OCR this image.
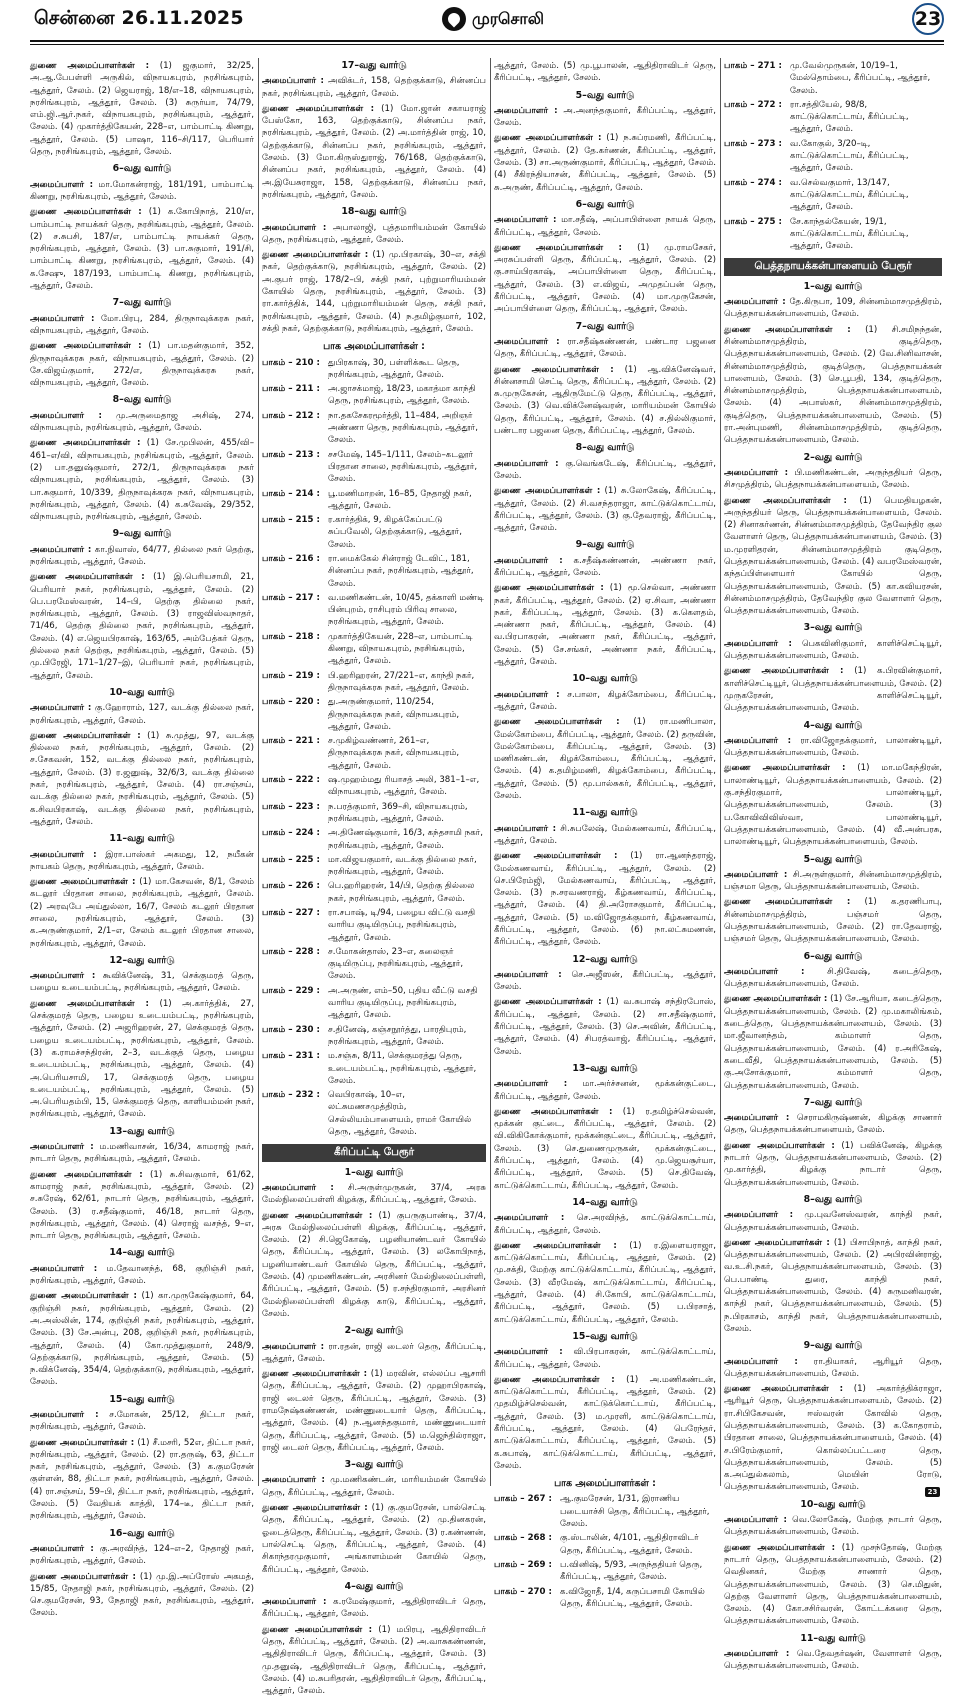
சென்னை 26.11.2025	முரசொலி	23

துணை அமைப்பாளர்கள் : (1) ஜகுமார், 32/25, அ.ஆ.பேபள்ளி அருகில், விநாயகபுரம், நரசிங்கபுரம், ஆத்தூர், சேலம். (2) ஜெயராஜ், 18/எ–18, விநாயகபுரம், நரசிங்கபுரம், ஆத்தூர், சேலம். (3) சுருர்யா, 74/79, எம்.ஜி.ஆர்.நகர், விநாயகபுரம், நரசிங்கபுரம், ஆத்தூர், சேலம். (4) முகார்த்திகேயன், 228–எ, பாம்பாட்டி கிணறு, ஆத்தூர், சேலம். (5) பாஷா, 116–சி/117, பெரியார் தெரு, நரசிங்கபுரம், ஆத்தூர், சேலம்.

6–வது வார்டு

அமைப்பாளர் : மா.மோகன்ராஜ், 181/191, பாம்பாட்டி கிணறு, நரசிங்கபுரம், ஆத்தூர், சேலம்.

துணை அமைப்பாளர்கள் : (1) க.கோபிநாத், 210/எ, பாம்பாட்டி நாயக்கர் தெரு, நரசிங்கபுரம், ஆத்தூர், சேலம். (2) ச.சுபசி, 187/எ, பாம்பாட்டி நாயக்கர் தெரு, நரசிங்கபுரம், ஆத்தூர், சேலம். (3) பா.சுகுமார், 191/சி, பாம்பாட்டி கிணறு, நரசிங்கபுரம், ஆத்தூர், சேலம். (4) க.சேஷு, 187/193, பாம்பாட்டி கிணறு, நரசிங்கபுரம், ஆத்தூர், சேலம்.

7–வது வார்டு

அமைப்பாளர் : மோ.பிரபு, 284, திருநாவுக்கரசு நகர், விநாயகபுரம், ஆத்தூர், சேலம்.

துணை அமைப்பாளர்கள் : (1) பா.மதன்குமார், 352, திருநாவுக்கரசு நகர், விநாயகபுரம், ஆத்தூர், சேலம். (2) சே.விஜய்குமார், 272/எ, திருநாவுக்கரசு நகர், விநாயகபுரம், ஆத்தூர், சேலம்.

8–வது வார்டு

அமைப்பாளர் : மு.அருமைதாஜ அசிஷ், 274, விநாயகபுரம், நரசிங்கபுரம், ஆத்தூர், சேலம்.

துணை அமைப்பாளர்கள் : (1) சே.முபிலன், 455/வி–461–எ/வி, விநாயகபுரம், நரசிங்கபுரம், ஆத்தூர், சேலம். (2) பா.தனுஷ்குமார், 272/1, திருநாவுக்கரசு நகர் விநாயகபுரம், நரசிங்கபுரம், ஆத்தூர், சேலம். (3) பா.சுகுமார், 10/339, திருநாவுக்கரசு நகர், விநாயகபுரம், நரசிங்கபுரம், ஆத்தூர், சேலம். (4) க.சுவேஷ், 29/352, விநாயகபுரம், நரசிங்கபுரம், ஆத்தூர், சேலம்.

9–வது வார்டு

அமைப்பாளர் : கா.நிவாஸ், 64/77, தில்லை நகர் தெற்கு, நரசிங்கபுரம், ஆத்தூர், சேலம்.

துணை அமைப்பாளர்கள் : (1) இ.பெரியசாமி, 21, பெரியார் நகர், நரசிங்கபுரம், ஆத்தூர், சேலம். (2) பெ.பரமேஸ்வரன், 14–பி, தெற்கு தில்லை நகர், நரசிங்கபுரம், ஆத்தூர், சேலம். (3) ராஜவிஸ்வநாதர், 71/46, தெற்கு தில்லை நகர், நரசிங்கபுரம், ஆத்தூர், சேலம். (4) எ.ஜெயபிரகாஷ், 163/65, அம்பேத்கர் தெரு, தில்லை நகர் தெற்கு, நரசிங்கபுரம், ஆத்தூர், சேலம். (5) மு.பிரேஜி, 171–1/27–இ, பெரியார் நகர், நரசிங்கபுரம், ஆத்தூர், சேலம்.

10–வது வார்டு

அமைப்பாளர் : கு.ஹோராம், 127, வடக்கு தில்லை நகர், நரசிங்கபுரம், ஆத்தூர், சேலம்.

துணை அமைப்பாளர்கள் : (1) சு.முத்து, 97, வடக்கு தில்லை நகர், நரசிங்கபுரம், ஆத்தூர், சேலம். (2) ச.சேகவன், 152, வடக்கு தில்லை நகர், நரசிங்கபுரம், ஆத்தூர், சேலம். (3) ர.ஜனுஷ், 32/6/3, வடக்கு தில்லை நகர், நரசிங்கபுரம், ஆத்தூர், சேலம். (4) ரா.சஞ்சய், வடக்கு தில்லை நகர், நரசிங்கபுரம், ஆத்தூர், சேலம். (5) க.சிவபிரகாஷ், வடக்கு தில்லை நகர், நரசிங்கபுரம், ஆத்தூர், சேலம்.

11–வது வார்டு

அமைப்பாளர் : இரா.பாஸ்கர் அகமது, 12, நயீகன் நாயகம் தெரு, நரசிங்கபுரம், ஆத்தூர், சேலம்.

துணை அமைப்பாளர்கள் : (1) மா.கேசவன், 8/1, சேலம் கடலூர் பிரதான சாலை, நரசிங்கபுரம், ஆத்தூர், சேலம். (2) அரவுபே அய்துல்லா, 16/7, சேலம் கடலூர் பிரதான சாலை, நரசிங்கபுரம், ஆத்தூர், சேலம். (3) க.அருண்குமார், 2/1–எ, சேலம் கடலூர் பிரதான சாலை, நரசிங்கபுரம், ஆத்தூர், சேலம்.

12–வது வார்டு

அமைப்பாளர் : கூவிக்னேஷ், 31, செக்குமரத் தெரு, பழைய உடையம்பட்டி, நரசிங்கபுரம், ஆத்தூர், சேலம்.

துணை அமைப்பாளர்கள் : (1) அ.கார்த்திக், 27, செக்குமரத் தெரு, பழைய உடையம்பட்டி, நரசிங்கபுரம், ஆத்தூர், சேலம். (2) அஜரிஹரன், 27, செக்குமரத் தெரு, பழைய உடையம்பட்டி, நரசிங்கபுரம், ஆத்தூர், சேலம். (3) க.ராமச்சந்திரன், 2–3, வடக்குத் தெரு, பழைய உடையம்பட்டி, நரசிங்கபுரம், ஆத்தூர், சேலம். (4) அ.பெரியசாமி, 17, செக்குமரத் தெரு, பழைய உடையம்பட்டி, நரசிங்கபுரம், ஆத்தூர், சேலம். (5) அ.பெரியதம்பி, 15, செக்குமரத் தெரு, காளியம்மன் நகர், நரசிங்கபுரம், ஆத்தூர், சேலம்.

13–வது வார்டு

அமைப்பாளர் : ம.மணிவாசன், 16/34, காமராஜ் நகர், நாடார் தெரு, நரசிங்கபுரம், ஆத்தூர், சேலம்.

துணை அமைப்பாளர்கள் : (1) சு.சிவகுமார், 61/62, காமராஜ் நகர், நரசிங்கபுரம், ஆத்தூர், சேலம். (2) ச.சுரேஷ், 62/61, நாடார் தெரு, நரசிங்கபுரம், ஆத்தூர், சேலம். (3) ர.சதீஷ்குமார், 46/18, நாடார் தெரு, நரசிங்கபுரம், ஆத்தூர், சேலம். (4) செராஜ் வசந்த், 9–எ, நாடார் தெரு, நரசிங்கபுரம், ஆத்தூர், சேலம்.

14–வது வார்டு

அமைப்பாளர் : ம.தேவானந்த், 68, குறிஞ்சி நகர், நரசிங்கபுரம், ஆத்தூர், சேலம்.

துணை அமைப்பாளர்கள் : (1) கா.முருகேஷ்குமார், 64, குறிஞ்சி நகர், நரசிங்கபுரம், ஆத்தூர், சேலம். (2) அ.அஸ்லின், 174, குறிஞ்சி நகர், நரசிங்கபுரம், ஆத்தூர், சேலம். (3) சே.அன்பு, 208, குறிஞ்சி நகர், நரசிங்கபுரம், ஆத்தூர், சேலம். (4) கோ.முத்துகுமார், 248/9, தெற்குக்காடு, நரசிங்கபுரம், ஆத்தூர், சேலம். (5) ந.விக்னேஷ், 354/4, தெற்குக்காடு, நரசிங்கபுரம், ஆத்தூர், சேலம்.

15–வது வார்டு

அமைப்பாளர் : ச.மோகன், 25/12, திட்டா நகர், நரசிங்கபுரம், ஆத்தூர், சேலம்.

துணை அமைப்பாளர்கள் : (1) சீ.மசரி, 52எ, திட்டா நகர், நரசிங்கபுரம், ஆத்தூர், சேலம். (2) ரா.தருஷ், 63, திட்டா நகர், நரசிங்கபுரம், ஆத்தூர், சேலம். (3) க.குமரேசன் குள்ளன், 88, திட்டா நகர், நரசிங்கபுரம், ஆத்தூர், சேலம். (4) ரா.சஞ்சய், 59–பி, திட்டா நகர், நரசிங்கபுரம், ஆத்தூர், சேலம். (5) வேதியக் காத்தி, 174–டீ, திட்டா நகர், நரசிங்கபுரம், ஆத்தூர், சேலம்.

16–வது வார்டு

அமைப்பாளர் : கு.அரவிந்த், 124–எ–2, நேதாஜி நகர், நரசிங்கபுரம், ஆத்தூர், சேலம்.

துணை அமைப்பாளர்கள் : (1) மு.இ.அப்ரோஸ் அகமத், 15/85, நேதாஜி நகர், நரசிங்கபுரம், ஆத்தூர், சேலம். (2) செ.குமரேசன், 93, நேதாஜி நகர், நரசிங்கபுரம், ஆத்தூர், சேலம்.

17–வது வார்டு

அமைப்பாளர் : அவிக்டர், 158, தெற்குக்காடு, சின்னப்ப நகர், நரசிங்கபுரம், ஆத்தூர், சேலம்.

துணை அமைப்பாளர்கள் : (1) மோ.ஜான் சகாயராஜ் பேஸ்கோ, 163, தெற்குக்காடு, சின்னப்ப நகர், நரசிங்கபுரம், ஆத்தூர், சேலம். (2) அ.மார்த்தின் ராஜ், 10, தெற்குக்காடு, சின்னப்ப நகர், நரசிங்கபுரம், ஆத்தூர், சேலம். (3) மோ.கிருஸ்துராஜ், 76/168, தெற்குக்காடு, சின்னப்ப நகர், நரசிங்கபுரம், ஆத்தூர், சேலம். (4) அ.இயேசுராஜா, 158, தெற்குக்காடு, சின்னப்ப நகர், நரசிங்கபுரம், ஆத்தூர், சேலம்.

18–வது வார்டு

அமைப்பாளர் : அபாலாஜி, புத்தமாரியம்மன் கோயில் தெரு, நரசிங்கபுரம், ஆத்தூர், சேலம்.

துணை அமைப்பாளர்கள் : (1) மு.பிரகாஷ், 30–எ, சக்தி நகர், தெற்குக்காடு, நரசிங்கபுரம், ஆத்தூர், சேலம். (2) அ.குபர் ராஜ், 178/2–பி, சக்தி நகர், புற்றுமாரியம்மன் கோயில் தெரு, நரசிங்கபுரம், ஆத்தூர், சேலம். (3) ரா.கார்த்திக், 144, புற்றுமாரியம்மன் தெரு, சக்தி நகர், நரசிங்கபுரம், ஆத்தூர், சேலம். (4) ந.தமிழ்குமார், 102, சக்தி நகர், தெற்குக்காடு, நரசிங்கபுரம், ஆத்தூர், சேலம்.

பாக அமைப்பாளர்கள் :
பாகம் – 210 : துபிரகாஷ், 30, பள்ளிக்கூட தெரு, நரசிங்கபுரம், ஆத்தூர், சேலம்.
பாகம் – 211 : அ.ஜாசக்மாஜ், 18/23, மகாத்மா காந்தி தெரு, நரசிங்கபுரம், ஆத்தூர், சேலம்.
பாகம் – 212 : நா.தகசேகரமூர்த்தி, 11–484, அறிஞர் அண்ணா தெரு, நரசிங்கபுரம், ஆத்தூர், சேலம்.
பாகம் – 213 : சசமேஷ், 145–1/111, சேலம்–கடலூர் பிரதான சாலை, நரசிங்கபுரம், ஆத்தூர், சேலம்.
பாகம் – 214 : பூ.மணிமாறன், 16–85, நேதாஜி நகர், ஆத்தூர், சேலம்.
பாகம் – 215 : ர.கார்த்திக், 9, கிழக்கேப்பட்டு சுப்பவேலி, தெற்குக்காடு, ஆத்தூர், சேலம்.
பாகம் – 216 : ரா.மைக்கேல் சின்ராஜ் டேவிட், 181, சின்னப்ப நகர், நரசிங்கபுரம், ஆத்தூர், சேலம்.
பாகம் – 217 : வ.மணிகண்டன், 10/45, தக்காளி மண்டி பின்புறம், ராசிபுரம் பிரிவு சாலை, நரசிங்கபுரம், ஆத்தூர், சேலம்.
பாகம் – 218 : முகார்த்திகேயன், 228–எ, பாம்பாட்டி கிணறு, விநாயகபுரம், நரசிங்கபுரம், ஆத்தூர், சேலம்.
பாகம் – 219 : பி.ஹரிஹரன், 27/221–எ, காந்தி நகர், திருநாவுக்கரசு நகர், ஆத்தூர், சேலம்.
பாகம் – 220 : து.அருண்குமார், 110/254, திருநாவுக்கரசு நகர், விநாயகபுரம், ஆத்தூர், சேலம்.
பாகம் – 221 : ச.முகிழ்வண்ணர், 261–எ, திருநாவுக்கரசு நகர், விநாயகபுரம், ஆத்தூர், சேலம்.
பாகம் – 222 : ஷ.முஹம்மது ரியாசத் அலி, 381–1–எ, விநாயகபுரம், ஆத்தூர், சேலம்.
பாகம் – 223 : ந.பரத்குமார், 369–சி, விநாயகபுரம், நரசிங்கபுரம், ஆத்தூர், சேலம்.
பாகம் – 224 : அ.திணேஷ்குமார், 16/3, கந்தசாமி நகர், நரசிங்கபுரம், ஆத்தூர், சேலம்.
பாகம் – 225 : மா.விஜயகுமார், வடக்கு தில்லை நகர், நரசிங்கபுரம், ஆத்தூர், சேலம்.
பாகம் – 226 : பெ.ஹரிஹரன், 14/பி, தெற்கு தில்லை நகர், நரசிங்கபுரம், ஆத்தூர், சேலம்.
பாகம் – 227 : ரா.சபாஷ், டி/94, பழைய விட்டு வசதி வாரிய குடியிருப்பு, நரசிங்கபுரம், ஆத்தூர், சேலம்.
பாகம் – 228 : ச.மோகன்தாஸ், 23–எ, கலைஞர் குடியிருப்பு, நரசிங்கபுரம், ஆத்தூர், சேலம்.
பாகம் – 229 : அ.அருண், எம்–50, புதிய வீட்டு வசதி வாரிய குடியிருப்பு, நரசிங்கபுரம், ஆத்தூர், சேலம்.
பாகம் – 230 : ச.தினேஷ், கஞ்சநூர்த்து, பாரதிபுரம், நரசிங்கபுரம், ஆத்தூர், சேலம்.
பாகம் – 231 : ம.சஞ்சு, 8/11, செக்குமரத்து தெரு, உடையம்பட்டி, நரசிங்கபுரம், ஆத்தூர், சேலம்.
பாகம் – 232 : வெபிரகாஷ், 10–எ, லட்சுமணசமுத்திரம், செல்லியம்பாளையம், ராமர் கோயில் தெரு, ஆத்தூர், சேலம்.
கீரிப்பட்டி பேரூர்
1–வது வார்டு

அமைப்பாளர் : சி.அருள்முருகன், 37/4, அரசு மேல்நிலைப்பள்ளி கிழக்கு, கீரிப்பட்டி, ஆத்தூர், சேலம்.

துணை அமைப்பாளர்கள் : (1) குபருகுபாண்டி, 37/4, அரசு மேல்நிலைப்பள்ளி கிழக்கு, கீரிப்பட்டி, ஆத்தூர், சேலம். (2) சி.ஜெகோஷ், பழனியாண்டவர் கோயில் தெரு, கீரிப்பட்டி, ஆத்தூர், சேலம். (3) லகோபிநாத், பழனியாண்டவர் கோயில் தெரு, கீரிப்பட்டி, ஆத்தூர், சேலம். (4) முமணிகண்டன், அரசினர் மேல்நிலைப்பள்ளி, கீரிப்பட்டி, ஆத்தூர், சேலம். (5) ர.சந்திரகுமார், அரசினர் மேல்நிலைப்பள்ளி கிழக்கு காடு, கீரிப்பட்டி, ஆத்தூர், சேலம்.

2–வது வார்டு

அமைப்பாளர் : ரா.ரதன், ராஜி டைலர் தெரு, கீரிப்பட்டி, ஆத்தூர், சேலம்.

துணை அமைப்பாளர்கள் : (1) மரவின், எல்லப்ப ஆசாரி தெரு, கீரிப்பட்டி, ஆத்தூர், சேலம். (2) முஹாபிரகாஷ், ராஜி டைலர் தெரு, கீரிப்பட்டி, ஆத்தூர், சேலம். (3) ராமநேஷ்கண்ணன், மண்ணுடையார் தெரு, கீரிப்பட்டி, ஆத்தூர், சேலம். (4) ந.ஆனந்தகுமார், மண்ணுடையார் தெரு, கீரிப்பட்டி, ஆத்தூர், சேலம். (5) ம.ஜெந்தில்ராஜா, ராஜி டைலர் தெரு, கீரிப்பட்டி, ஆத்தூர், சேலம்.

3–வது வார்டு

அமைப்பாளர் : மு.மணிகண்டன், மாரியம்மன் கோயில் தெரு, கீரிப்பட்டி, ஆத்தூர், சேலம்.

துணை அமைப்பாளர்கள் : (1) கு.குமரேசன், பால்செட்டி தெரு, கீரிப்பட்டி, ஆத்தூர், சேலம். (2) மு.தினகரன், ஓடைத்தெரு, கீரிப்பட்டி, ஆத்தூர், சேலம். (3) ர.கண்ணன், பால்செட்டி தெரு, கீரிப்பட்டி, ஆத்தூர், சேலம். (4) சிகாந்தரமுகுமார், அங்காளம்மன் கோயில் தெரு, கீரிப்பட்டி, ஆத்தூர், சேலம்.

4–வது வார்டு

அமைப்பாளர் : க.ரமேஷ்குமார், ஆதிதிராவிடர் தெரு, கீரிப்பட்டி, ஆத்தூர், சேலம்.

துணை அமைப்பாளர்கள் : (1) மபிரபு, ஆதிதிராவிடர் தெரு, கீரிப்பட்டி, ஆத்தூர், சேலம். (2) அ.வாசுகண்ணன், ஆதிதிராவிடர் தெரு, கீரிப்பட்டி, ஆத்தூர், சேலம். (3) மு.தனுஷ், ஆதிதிராவிடர் தெரு, கீரிப்பட்டி, ஆத்தூர், சேலம். (4) ம.சுபரிதரன், ஆதிதிராவிடர் தெரு, கீரிப்பட்டி, ஆத்தூர், சேலம்.

ஆத்தூர், சேலம். (5) மு.பூபாலன், ஆதிதிராவிடர் தெரு, கீரிப்பட்டி, ஆத்தூர், சேலம்.

5–வது வார்டு

அமைப்பாளர் : அ.அனந்தகுமார், கீரிப்பட்டி, ஆத்தூர், சேலம்.

துணை அமைப்பாளர்கள் : (1) ந.சுப்ரமணி, கீரிப்பட்டி, ஆத்தூர், சேலம். (2) தே.கர்ணன், கீரிப்பட்டி, ஆத்தூர், சேலம். (3) சா.அருண்குமார், கீரிப்பட்டி, ஆத்தூர், சேலம். (4) சீகிரந்தியாசன், கீரிப்பட்டி, ஆத்தூர், சேலம். (5) சு.அருண், கீரிப்பட்டி, ஆத்தூர், சேலம்.

6–வது வார்டு

அமைப்பாளர் : மா.சதீஷ், அப்பாபிள்ளை நாயக் தெரு, கீரிப்பட்டி, ஆத்தூர், சேலம்.

துணை அமைப்பாளர்கள் : (1) மு.ராமசேகர், அரசுப்பள்ளி தெரு, கீரிப்பட்டி, ஆத்தூர், சேலம். (2) கு.சாய்பிரகாஷ், அப்பாபிள்ளை தெரு, கீரிப்பட்டி, ஆத்தூர், சேலம். (3) எ.விஜய், அமுதப்பன் தெரு, கீரிப்பட்டி, ஆத்தூர், சேலம். (4) மா.முருகேசன், அப்பாபிள்ளை தெரு, கீரிப்பட்டி, ஆத்தூர், சேலம்.

7–வது வார்டு

அமைப்பாளர் : ரா.சதீஷ்கண்ணன், பண்டார பஜனை தெரு, கீரிப்பட்டி, ஆத்தூர், சேலம்.

துணை அமைப்பாளர்கள் : (1) ஆ.விக்னேஷ்வர், சின்னசாமி செட்டி தெரு, கீரிப்பட்டி, ஆத்தூர், சேலம். (2) சு.முருகேசன், ஆதிருமேட்டு தெரு, கீரிப்பட்டி, ஆத்தூர், சேலம். (3) வெ.விக்னேஷ்வரன், மாரியம்மன் கோயில் தெரு, கீரிப்பட்டி, ஆத்தூர், சேலம். (4) ச.தில்லிகுமார், பண்டார பஜனை தெரு, கீரிப்பட்டி, ஆத்தூர், சேலம்.

8–வது வார்டு

அமைப்பாளர் : கு.வெங்கடேஷ், கீரிப்பட்டி, ஆத்தூர், சேலம்.

துணை அமைப்பாளர்கள் : (1) சு.லோகேஷ், கீரிப்பட்டி, ஆத்தூர், சேலம். (2) சி.வசந்தராஜா, காட்டுக்கொட்டாய், கீரிப்பட்டி, ஆத்தூர், சேலம். (3) கு.தேவராஜ், கீரிப்பட்டி, ஆத்தூர், சேலம்.

9–வது வார்டு

அமைப்பாளர் : க.சதீஷ்கண்ணன், அண்ணா நகர், கீரிப்பட்டி, ஆத்தூர், சேலம்.

துணை அமைப்பாளர்கள் : (1) மூ.செல்வா, அண்ணா நகர், கீரிப்பட்டி, ஆத்தூர், சேலம். (2) ஏ.சிவா, அண்ணா நகர், கீரிப்பட்டி, ஆத்தூர், சேலம். (3) க.கௌதம், அண்ணா நகர், கீரிப்பட்டி, ஆத்தூர், சேலம். (4) வ.பிரபாகரன், அண்ணா நகர், கீரிப்பட்டி, ஆத்தூர், சேலம். (5) சே.சங்கர், அண்ணா நகர், கீரிப்பட்டி, ஆத்தூர், சேலம்.

10–வது வார்டு

அமைப்பாளர் : ச.பாலா, கிழக்கோம்பை, கீரிப்பட்டி, ஆத்தூர், சேலம்.

துணை அமைப்பாளர்கள் : (1) ரா.மணிபாலா, மேல்கோம்பை, கீரிப்பட்டி, ஆத்தூர், சேலம். (2) தருவின், மேல்கோம்பை, கீரிப்பட்டி, ஆத்தூர், சேலம். (3) மணிகண்டன், கிழக்கோம்பை, கீரிப்பட்டி, ஆத்தூர், சேலம். (4) க.தமிழ்மணி, கிழக்கோம்பை, கீரிப்பட்டி, ஆத்தூர், சேலம். (5) மூ.பால்சுகர், கீரிப்பட்டி, ஆத்தூர், சேலம்.

11–வது வார்டு

அமைப்பாளர் : சி.சுபலேஷ், மேல்கணவாய், கீரிப்பட்டி, ஆத்தூர், சேலம்.

துணை அமைப்பாளர்கள் : (1) ரா.ஆனந்தராஜ், மேல்கணவாய், கீரிப்பட்டி, ஆத்தூர், சேலம். (2) செ.பிரேம்ஜி, மேல்கணவாய், கீரிப்பட்டி, ஆத்தூர், சேலம். (3) ந.சரவணராஜ், கீழ்கணவாய், கீரிப்பட்டி, ஆத்தூர், சேலம். (4) தி.அரோசகுமார், கீரிப்பட்டி, ஆத்தூர், சேலம். (5) ம.விஜோதக்குமார், கீழ்கணவாய், கீரிப்பட்டி, ஆத்தூர், சேலம். (6) நா.லட்சுமணன், கீரிப்பட்டி, ஆத்தூர், சேலம்.

12–வது வார்டு

அமைப்பாளர் : செ.அஜீஸன், கீரிப்பட்டி, ஆத்தூர், சேலம்.

துணை அமைப்பாளர்கள் : (1) வ.சுபாஷ் சந்திரபோஸ், கீரிப்பட்டி, ஆத்தூர், சேலம். (2) சா.சதீஷ்குமார், கீரிப்பட்டி, ஆத்தூர், சேலம். (3) செ.அவின், கீரிப்பட்டி, ஆத்தூர், சேலம். (4) சிபரத்வாஜ், கீரிப்பட்டி, ஆத்தூர், சேலம்.

13–வது வார்டு

அமைப்பாளர் : மா.அர்ச்சனன், மூக்கன்குட்டை, கீரிப்பட்டி, ஆத்தூர், சேலம்.

துணை அமைப்பாளர்கள் : (1) ர.தமிழ்ச்செல்வன், மூக்கன் குட்டை, கீரிப்பட்டி, ஆத்தூர், சேலம். (2) வி.விகிகோக்குமார், மூக்கன்குட்டை, கீரிப்பட்டி, ஆத்தூர், சேலம். (3) செ.துணைமுருகன், மூக்கன்குட்டை, கீரிப்பட்டி, ஆத்தூர், சேலம். (4) மு.ஜெயசூர்யா, கீரிப்பட்டி, ஆத்தூர், சேலம். (5) செ.திவேஷ், காட்டுக்கொட்டாய், கீரிப்பட்டி, ஆத்தூர், சேலம்.

14–வது வார்டு

அமைப்பாளர் : செ.அரவிந்த், காட்டுக்கொட்டாய், கீரிப்பட்டி, ஆத்தூர், சேலம்.

துணை அமைப்பாளர்கள் : (1) ர.இளையராஜா, காட்டுக்கொட்டாய், கீரிப்பட்டி, ஆத்தூர், சேலம். (2) மு.சக்தி, மேற்கு காட்டுக்கொட்டாய், கீரிப்பட்டி, ஆத்தூர், சேலம். (3) வீரமேஷ், காட்டுக்கொட்டாய், கீரிப்பட்டி, ஆத்தூர், சேலம். (4) சி.கோபி, காட்டுக்கொட்டாய், கீரிப்பட்டி, ஆத்தூர், சேலம். (5) ப.பிரசாத், காட்டுக்கொட்டாய், கீரிப்பட்டி, ஆத்தூர், சேலம்.

15–வது வார்டு

அமைப்பாளர் : வி.பிரபாகரன், காட்டுக்கொட்டாய், கீரிப்பட்டி, ஆத்தூர், சேலம்.

துணை அமைப்பாளர்கள் : (1) அ.மணிகண்டன், காட்டுக்கொட்டாய், கீரிப்பட்டி, ஆத்தூர், சேலம். (2) முதமிழ்ச்செல்வன், காட்டுக்கொட்டாய், கீரிப்பட்டி, ஆத்தூர், சேலம். (3) ம.முரளி, காட்டுக்கொட்டாய், கீரிப்பட்டி, ஆத்தூர், சேலம். (4) பெரேந்தர், காட்டுக்கொட்டாய், கீரிப்பட்டி, ஆத்தூர், சேலம். (5) க.சுபாஷ், காட்டுக்கொட்டாய், கீரிப்பட்டி, ஆத்தூர், சேலம்.

பாக அமைப்பாளர்கள் :
பாகம் – 267 : ஆ.குமரேசன், 1/31, இராணிய படையாச்சி தெரு, கீரிப்பட்டி, ஆத்தூர், சேலம்.
பாகம் – 268 : கு.ஸ்டாலின், 4/101, ஆதிதிராவிடர் தெரு, கீரிப்பட்டி, ஆத்தூர், சேலம்.
பாகம் – 269 : ப.வினிஷ், 5/93, அருந்ததியர் தெரு, கீரிப்பட்டி, ஆத்தூர், சேலம்.
பாகம் – 270 : க.விஜோதீ, 1/4, கருப்பசாமி கோயில் தெரு, கீரிப்பட்டி, ஆத்தூர், சேலம்.
பாகம் – 271 : மு.வேல்முருகன், 10/19–1, மேல்தொம்பை, கீரிப்பட்டி, ஆத்தூர், சேலம்.
பாகம் – 272 : ரா.சத்தியேல், 98/8, காட்டுக்கொட்டாய், கீரிப்பட்டி, ஆத்தூர், சேலம்.
பாகம் – 273 : வ.கோகுல், 3/20–டி, காட்டுக்கொட்டாய், கீரிப்பட்டி, ஆத்தூர், சேலம்.
பாகம் – 274 : வ.செல்வகுமார், 13/147, காட்டுக்கொட்டாய், கீரிப்பட்டி, ஆத்தூர், சேலம்.
பாகம் – 275 : சே.காந்தல்கேயன், 19/1, காட்டுக்கொட்டாய், கீரிப்பட்டி, ஆத்தூர், சேலம்.
பெத்தநாயக்கன்பாளையம் பேரூர்
1–வது வார்டு

அமைப்பாளர் : தே.கிருபா, 109, சின்னம்மாசமுத்திரம், பெத்தநாயக்கன்பாளையம், சேலம்.

துணை அமைப்பாளர்கள் : (1) சி.சமிநந்தன், சின்னம்மாசமுத்திரம், குடித்தெரு, பெத்தநாயக்கன்பாளையம், சேலம். (2) வே.சினிவாசன், சின்னம்மாசமுத்திரம், குடித்தெரு, பெத்தநாயக்கன் பாளையம், சேலம். (3) செ.பூபதி, 134, குடித்தெரு, சின்னம்மாசமுத்திரம், பெத்தநாயக்கன்பாளையம், சேலம். (4) அபாஸ்கர், சின்னம்மாசமுத்திரம், குடித்தெரு, பெத்தநாயக்கன்பாளையம், சேலம். (5) ரா.அன்புமணி, சின்னம்மாசமுத்திரம், குடித்தெரு, பெத்தநாயக்கன்பாளையம், சேலம்.

2–வது வார்டு

அமைப்பாளர் : பி.மணிகண்டன், அருந்ததியர் தெரு, சிசமுத்திரம், பெத்தநாயக்கன்பாளையம், சேலம்.

துணை அமைப்பாளர்கள் : (1) பெமதியழகன், அருந்ததியர் தெரு, பெத்தநாயக்கன்பாளையம், சேலம். (2) சினாகர்ணன், சின்னம்மாசமுத்திரம், தேவேந்திர குல வேளாளர் தெரு, பெத்தநாயக்கன்பாளையம், சேலம். (3) ம.முரளிதரன், சின்னம்மாசமுத்திரம் குடிதெரு, பெத்தநாயக்கன்பாளையம், சேலம். (4) வபரமேஸ்வரன், கந்தப்பிள்ளையார் கோயில் தெரு, பெத்தநாயக்கன்பாளையம், சேலம். (5) கா.கவியரசன், சின்னம்மாசமுத்திரம், தேவேந்திர குல வேளாளர் தெரு, பெத்தநாயக்கன்பாளையம், சேலம்.

3–வது வார்டு

அமைப்பாளர் : பெகவினிகுமார், காளிச்செட்டியூர், பெத்தநாயக்கன்பாளையம், சேலம்.

துணை அமைப்பாளர்கள் : (1) க.பிரவின்குமார், காளிச்செட்டியூர், பெத்தநாயக்கன்பாளையம், சேலம். (2) முருகரேசன், காளிச்செட்டியூர், பெத்தநாயக்கன்பாளையம், சேலம்.

4–வது வார்டு

அமைப்பாளர் : ரா.விஜோதக்குமார், பாலாண்டியூர், பெத்தநாயக்கன்பாளையம், சேலம்.

துணை அமைப்பாளர்கள் : (1) மா.மகேந்திரன், பாலாண்டியூர், பெத்தநாயக்கன்பாளையம், சேலம். (2) கு.சந்திரகுமார், பாலாண்டியூர், பெத்தநாயக்கன்பாளையம், சேலம். (3) ப.கோவிவிவிஸ்வா, பாலாண்டியூர், பெத்தநாயக்கன்பாளையம், சேலம். (4) வீ.அன்பரசு, பாலாண்டியூர், பெத்தநாயக்கன்பாளையம், சேலம்.

5–வது வார்டு

அமைப்பாளர் : சி.அருள்குமார், சின்னம்மாசமுத்திரம், பஞ்சமா தெரு, பெத்தநாயக்கன்பாளையம், சேலம்.

துணை அமைப்பாளர்கள் : (1) க.தரணிபாபு, சின்னம்மாசமுத்திரம், பஞ்சமர் தெரு, பெத்தநாயக்கன்பாளையம், சேலம். (2) ரா.தேவராஜ், பஞ்சமர் தெரு, பெத்தநாயக்கன்பாளையம், சேலம்.

6–வது வார்டு

அமைப்பாளர் :	சி.திவேஷ், கடைத்தெரு, பெத்தநாயக்கன்பாளையம், சேலம்.

துணை அமைப்பாளர்கள் : (1) சே.ஆரியா, கடைத்தெரு, பெத்தநாயக்கன்பாளையம், சேலம். (2) மு.மகாலிங்கம், கடைத்தெரு, பெத்தநாயக்கன்பாளையம், சேலம். (3) மா.ஜீவானந்தம், கம்மாளர் தெரு, பெத்தநாயக்கன்பாளையம், சேலம். (4) ர.அரிகேஷ், கடைவீதி, பெத்தநாயக்கன்பாளையம், சேலம். (5) கு.அசோக்குமார், கம்மாளர் தெரு, பெத்தநாயக்கன்பாளையம், சேலம்.

7–வது வார்டு

அமைப்பாளர் : செராமகிருஷ்ணன், கிழக்கு சாணார் தெரு, பெத்தநாயக்கன்பாளையம், சேலம்.

துணை அமைப்பாளர்கள் : (1) பவிக்னேஷ், கிழக்கு நாடார் தெரு, பெத்தநாயக்கன்பாளையம், சேலம். (2) மு.கார்த்தி, கிழக்கு நாடார் தெரு, பெத்தநாயக்கன்பாளையம், சேலம்.

8–வது வார்டு

அமைப்பாளர் : மு.புவனேஸ்வரன், காந்தி நகர், பெத்தநாயக்கன்பாளையம், சேலம்.

துணை அமைப்பாளர்கள் : (1) பிசாபிநாத், காந்தி நகர், பெத்தநாயக்கன்பாளையம், சேலம். (2) அபிரவின்ராஜ், வ.உ.சி.நகர், பெத்தநாயக்கன்பாளையம், சேலம். (3) பெ.பாண்டி துரை, காந்தி நகர், பெத்தநாயக்கன்பாளையம், சேலம். (4) சுருமனிவரன், காந்தி நகர், பெத்தநாயக்கன்பாளையம், சேலம். (5) ந.பிரகாசம், காந்தி நகர், பெத்தநாயக்கன்பாளையம், சேலம்.

9–வது வார்டு

அமைப்பாளர் : ரா.தியாகர், ஆரியூர் தெரு, பெத்தநாயக்கன்பாளையம், சேலம்.

துணை அமைப்பாளர்கள் : (1) அகார்த்திக்ராஜா, ஆரியூர் தெரு, பெத்தநாயக்கன்பாளையம், சேலம். (2) ரா.சிபிகேசவன், ஈஸ்வரன் கோவில் தெரு, பெத்தநாயக்கன்பாளையம், சேலம். (3) க.கோதராம், பிரதான சாலை, பெத்தநாயக்கன்பாளையம், சேலம். (4) ச.பிரேம்குமார், கொல்லப்பட்டரை தெரு, பெத்தநாயக்கன்பாளையம், சேலம். (5) க.அப்துல்கலாம், மெயின் ரோடு, பெத்தநாயக்கன்பாளையம், சேலம்.

10–வது வார்டு

அமைப்பாளர் : வெ.லோகேஷ், மேற்கு நாடார் தெரு, பெத்தநாயக்கன்பாளையம், சேலம்.

துணை அமைப்பாளர்கள் : (1) முசந்தோஷ், மேற்கு நாடார் தெரு, பெத்தநாயக்கன்பாளையம், சேலம். (2) வெதினகர், மேற்கு சாணார் தெரு, பெத்தநாயக்கன்பாளையம், சேலம். (3) செ.மிதுன், தெற்கு வேளாளர் தெரு, பெத்தநாயக்கன்பாளையம், சேலம். (4) கோ.சசிர்வரன், கோட்டக்கரை தெரு, பெத்தநாயக்கன்பாளையம், சேலம்.

11–வது வார்டு

அமைப்பாளர் : வெ.தேவதர்ஷன், வேளாளர் தெரு, பெத்தநாயக்கன்பாளையம், சேலம்.

23
